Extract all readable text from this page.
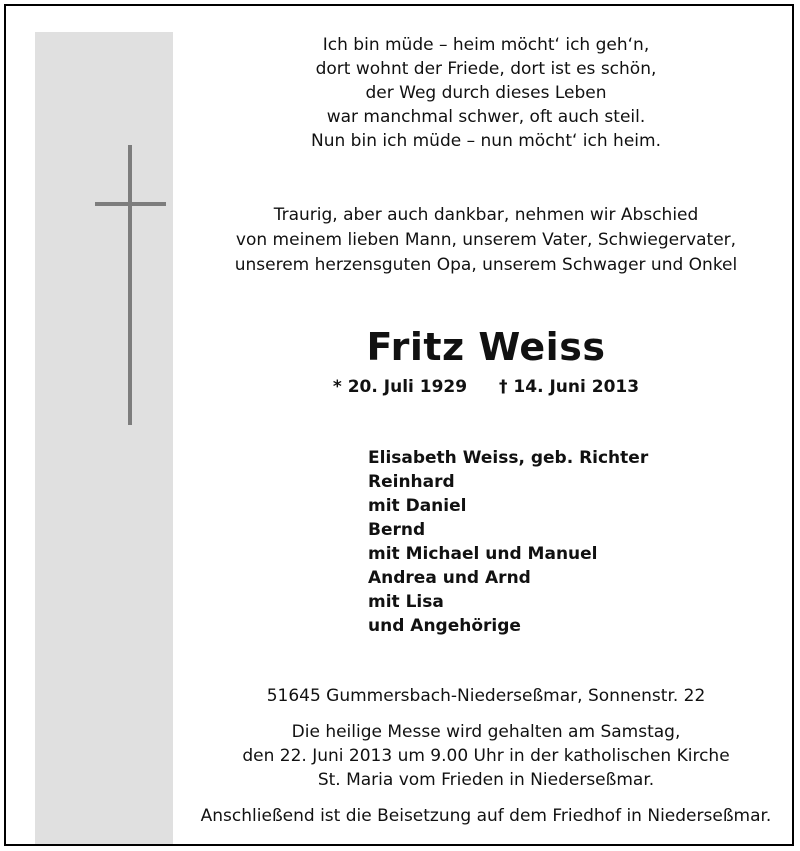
Ich bin müde – heim möcht‘ ich geh‘n,
dort wohnt der Friede, dort ist es schön,
der Weg durch dieses Leben
war manchmal schwer, oft auch steil.
Nun bin ich müde – nun möcht‘ ich heim.

Traurig, aber auch dankbar, nehmen wir Abschied
von meinem lieben Mann, unserem Vater, Schwiegervater,
unserem herzensguten Opa, unserem Schwager und Onkel

Fritz Weiss

* 20. Juli 1929 † 14. Juni 2013

Elisabeth Weiss, geb. Richter
Reinhard
mit Daniel
Bernd
mit Michael und Manuel
Andrea und Arnd
mit Lisa
und Angehörige

51645 Gummersbach-Niederseßmar, Sonnenstr. 22

Die heilige Messe wird gehalten am Samstag,
den 22. Juni 2013 um 9.00 Uhr in der katholischen Kirche
St. Maria vom Frieden in Niederseßmar.

Anschließend ist die Beisetzung auf dem Friedhof in Niederseßmar.
